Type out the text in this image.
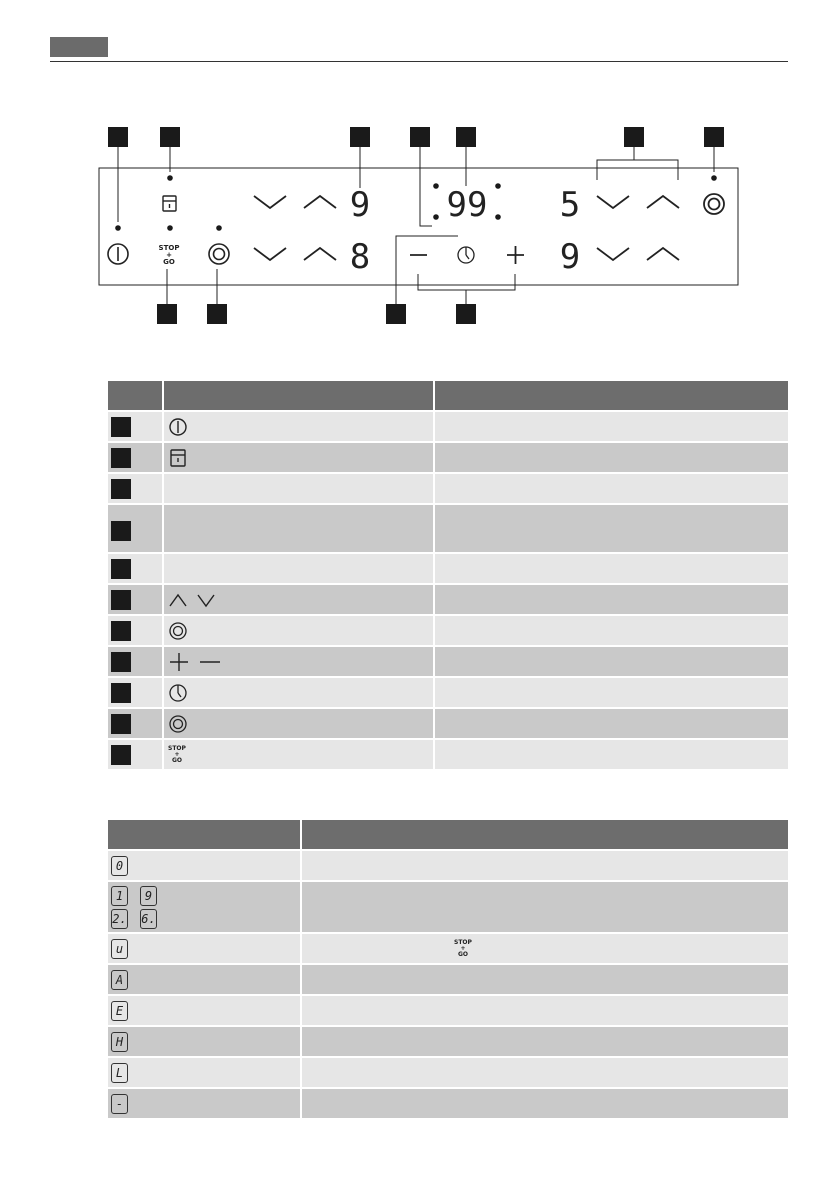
STOP
+
GO
9
8
99 5
9

	STOP
+
GO	

0	

1 9
2. 6.	

u	STOP
+
GO
A	
E	
H	
L	
-	
